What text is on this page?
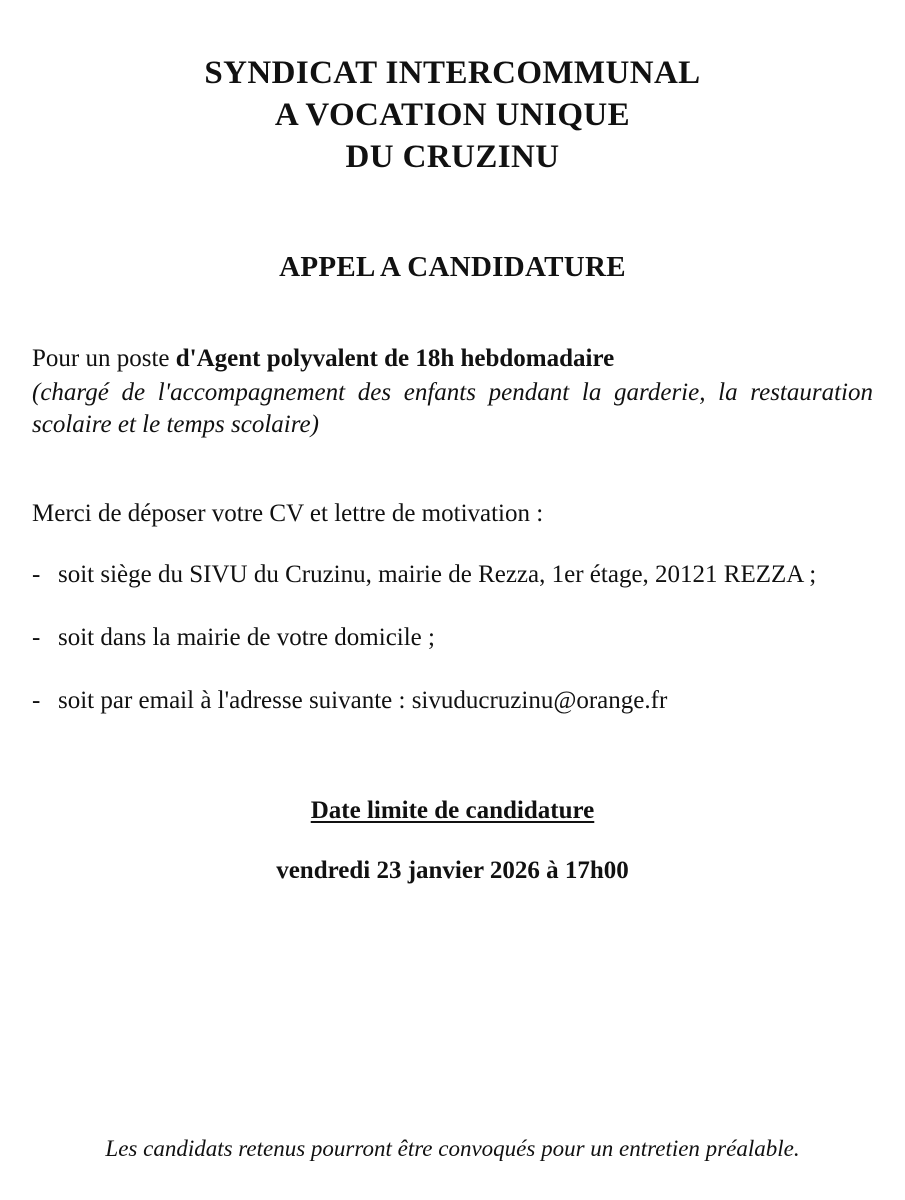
SYNDICAT INTERCOMMUNAL
A VOCATION UNIQUE
DU CRUZINU
APPEL A CANDIDATURE

Pour un poste d'Agent polyvalent de 18h hebdomadaire
(chargé de l'accompagnement des enfants pendant la garderie, la restauration scolaire et le temps scolaire)

Merci de déposer votre CV et lettre de motivation :

- soit siège du SIVU du Cruzinu, mairie de Rezza, 1er étage, 20121 REZZA ;
- soit dans la mairie de votre domicile ;
- soit par email à l'adresse suivante : sivuducruzinu@orange.fr
Date limite de candidature
vendredi 23 janvier 2026 à 17h00
Les candidats retenus pourront être convoqués pour un entretien préalable.
